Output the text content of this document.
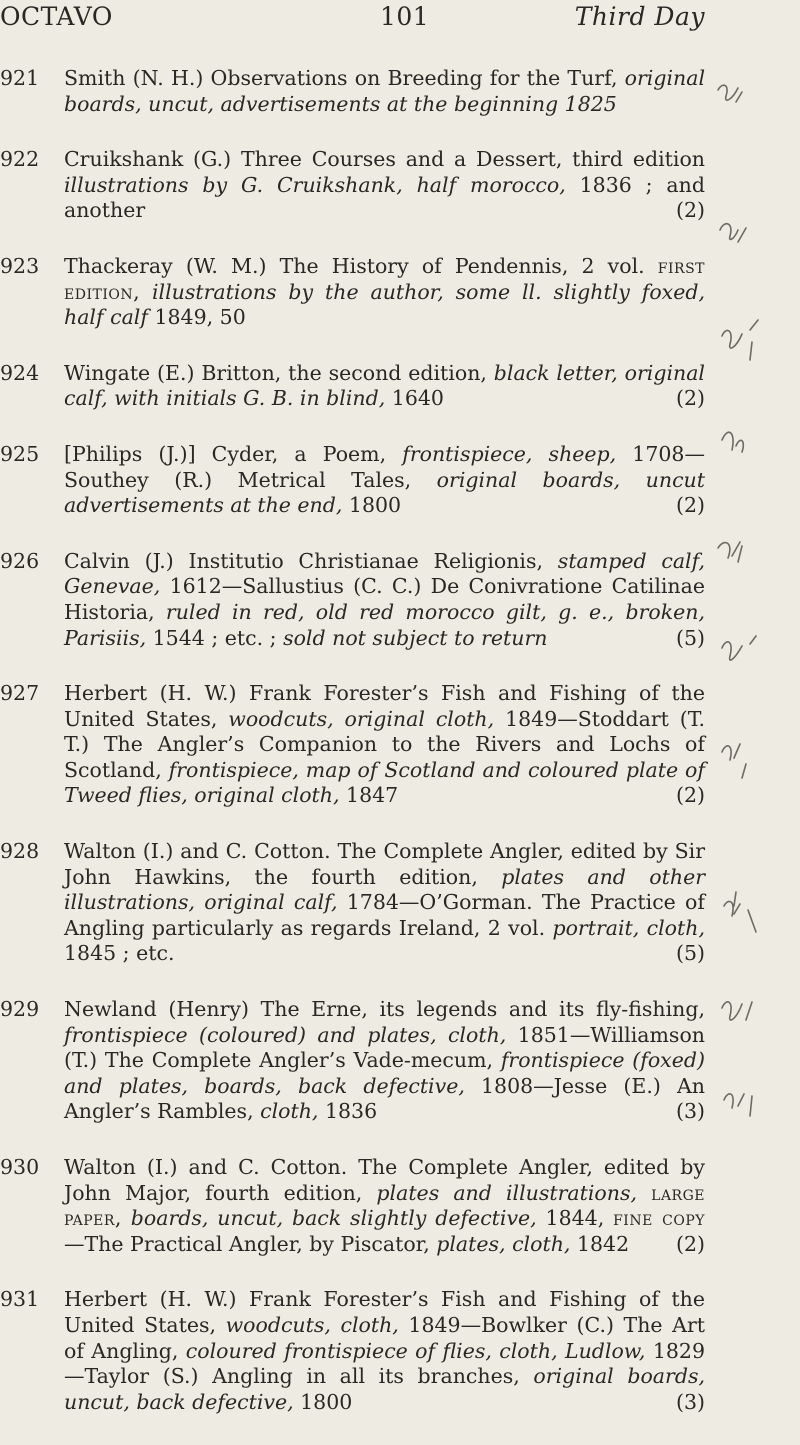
OCTAVO	101	Third Day
921 Smith (N. H.) Observations on Breeding for the Turf, original boards, uncut, advertisements at the beginning 1825
922 Cruikshank (G.) Three Courses and a Dessert, third edition illustrations by G. Cruikshank, half morocco, 1836 ; and another	(2)
923 Thackeray (W. M.) The History of Pendennis, 2 vol. first edition, illustrations by the author, some ll. slightly foxed, half calf 1849, 50
924 Wingate (E.) Britton, the second edition, black letter, original calf, with initials G. B. in blind, 1640	(2)
925 [Philips (J.)] Cyder, a Poem, frontispiece, sheep, 1708—Southey (R.) Metrical Tales, original boards, uncut advertisements at the end, 1800	(2)
926 Calvin (J.) Institutio Christianae Religionis, stamped calf, Genevae, 1612—Sallustius (C. C.) De Conivratione Catilinae Historia, ruled in red, old red morocco gilt, g. e., broken, Parisiis, 1544 ; etc. ; sold not subject to return	(5)
927 Herbert (H. W.) Frank Forester’s Fish and Fishing of the United States, woodcuts, original cloth, 1849—Stoddart (T. T.) The Angler’s Companion to the Rivers and Lochs of Scotland, frontispiece, map of Scotland and coloured plate of Tweed flies, original cloth, 1847	(2)
928 Walton (I.) and C. Cotton. The Complete Angler, edited by Sir John Hawkins, the fourth edition, plates and other illustrations, original calf, 1784—O’Gorman. The Practice of Angling particularly as regards Ireland, 2 vol. portrait, cloth, 1845 ; etc.	(5)
929 Newland (Henry) The Erne, its legends and its fly-fishing, frontispiece (coloured) and plates, cloth, 1851—Williamson (T.) The Complete Angler’s Vade-mecum, frontispiece (foxed) and plates, boards, back defective, 1808—Jesse (E.) An Angler’s Rambles, cloth, 1836	(3)
930 Walton (I.) and C. Cotton. The Complete Angler, edited by John Major, fourth edition, plates and illustrations, large paper, boards, uncut, back slightly defective, 1844, fine copy—The Practical Angler, by Piscator, plates, cloth, 1842 (2)
931 Herbert (H. W.) Frank Forester’s Fish and Fishing of the United States, woodcuts, cloth, 1849—Bowlker (C.) The Art of Angling, coloured frontispiece of flies, cloth, Ludlow, 1829—Taylor (S.) Angling in all its branches, original boards, uncut, back defective, 1800	(3)
